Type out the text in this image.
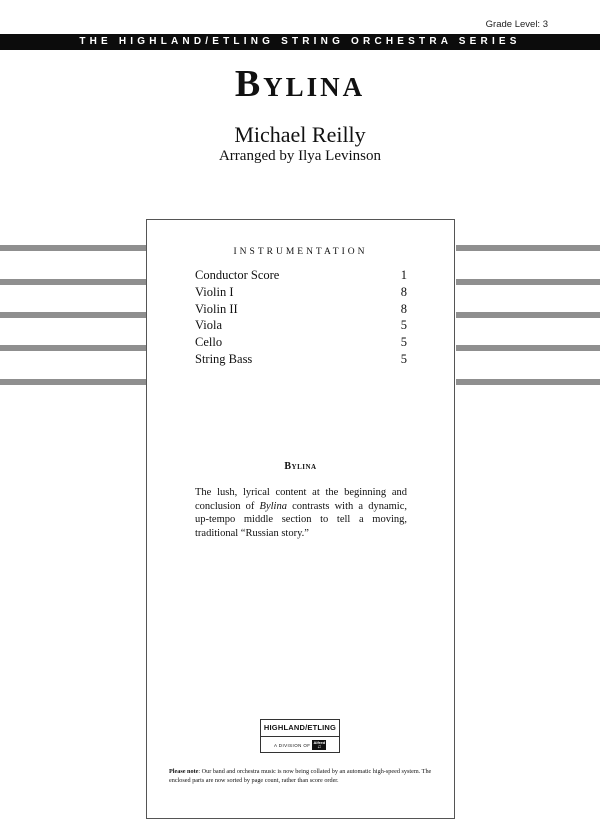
Grade Level: 3
THE HIGHLAND/ETLING STRING ORCHESTRA SERIES
Bylina
Michael Reilly
Arranged by Ilya Levinson
INSTRUMENTATION
Conductor Score	1
Violin I	8
Violin II	8
Viola	5
Cello	5
String Bass	5
Bylina

The lush, lyrical content at the beginning and conclusion of Bylina contrasts with a dynamic, up-tempo middle section to tell a moving, traditional “Russian story.”

HIGHLAND/ETLING
A DIVISION OF Alfred
♫

Please note: Our band and orchestra music is now being collated by an automatic high-speed system. The enclosed parts are now sorted by page count, rather than score order.
